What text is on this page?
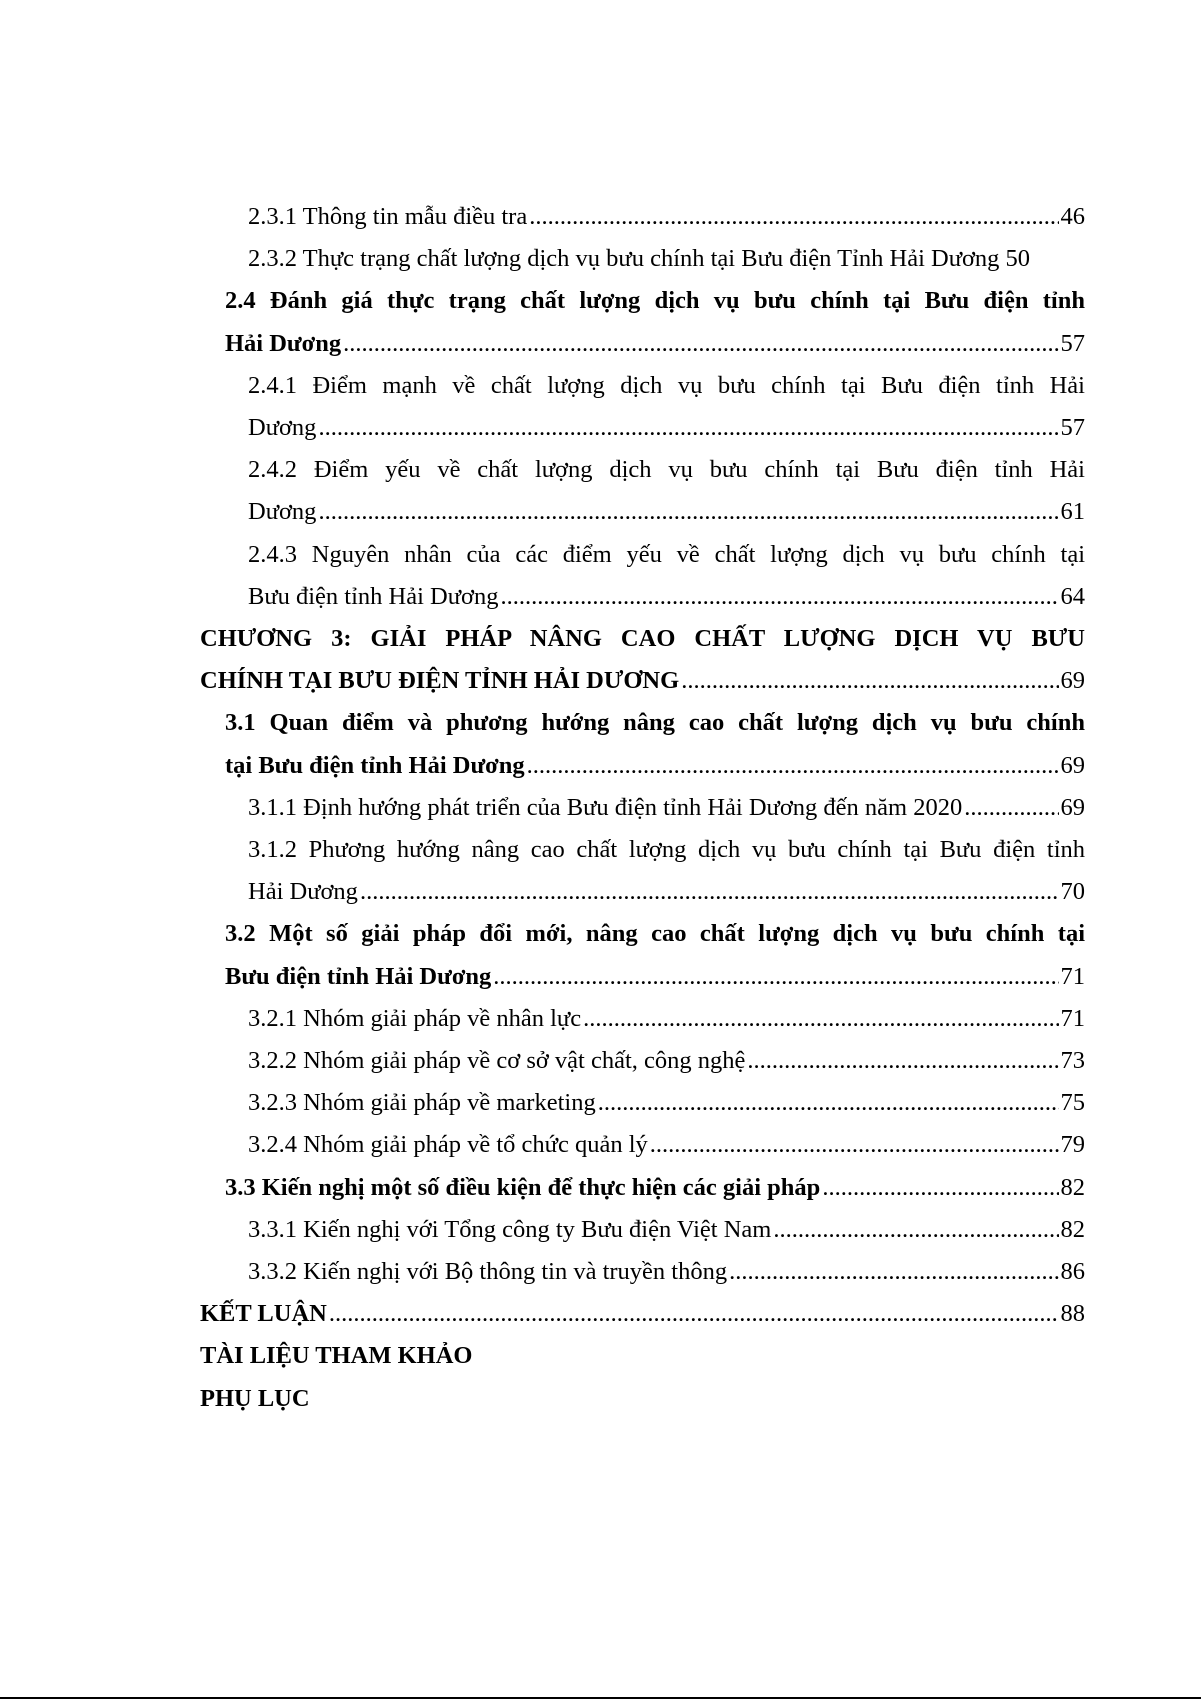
2.3.1 Thông tin mẫu điều tra .....	46
2.3.2 Thực trạng chất lượng dịch vụ bưu chính tại Bưu điện Tỉnh Hải Dương 50
2.4 Đánh giá thực trạng chất lượng dịch vụ bưu chính tại Bưu điện tỉnh
Hải Dương .....	57
2.4.1 Điểm mạnh về chất lượng dịch vụ bưu chính tại Bưu điện tỉnh Hải
Dương .....	57
2.4.2 Điểm yếu về chất lượng dịch vụ bưu chính tại Bưu điện tỉnh Hải
Dương .....	61
2.4.3 Nguyên nhân của các điểm yếu về chất lượng dịch vụ bưu chính tại
Bưu điện tỉnh Hải Dương .....	64
CHƯƠNG 3: GIẢI PHÁP NÂNG CAO CHẤT LƯỢNG DỊCH VỤ BƯU
CHÍNH TẠI BƯU ĐIỆN TỈNH HẢI DƯƠNG .....	69
3.1 Quan điểm và phương hướng nâng cao chất lượng dịch vụ bưu chính
tại Bưu điện tỉnh Hải Dương .....	69
3.1.1 Định hướng phát triển của Bưu điện tỉnh Hải Dương đến năm 2020 .....	69
3.1.2 Phương hướng nâng cao chất lượng dịch vụ bưu chính tại Bưu điện tỉnh
Hải Dương .....	70
3.2 Một số giải pháp đổi mới, nâng cao chất lượng dịch vụ bưu chính tại
Bưu điện tỉnh Hải Dương .....	71
3.2.1 Nhóm giải pháp về nhân lực .....	71
3.2.2 Nhóm giải pháp về cơ sở vật chất, công nghệ .....	73
3.2.3 Nhóm giải pháp về marketing .....	75
3.2.4 Nhóm giải pháp về tổ chức quản lý .....	79
3.3 Kiến nghị một số điều kiện để thực hiện các giải pháp .....	82
3.3.1 Kiến nghị với Tổng công ty Bưu điện Việt Nam .....	82
3.3.2 Kiến nghị với Bộ thông tin và truyền thông .....	86
KẾT LUẬN .....	88
TÀI LIỆU THAM KHẢO
PHỤ LỤC
